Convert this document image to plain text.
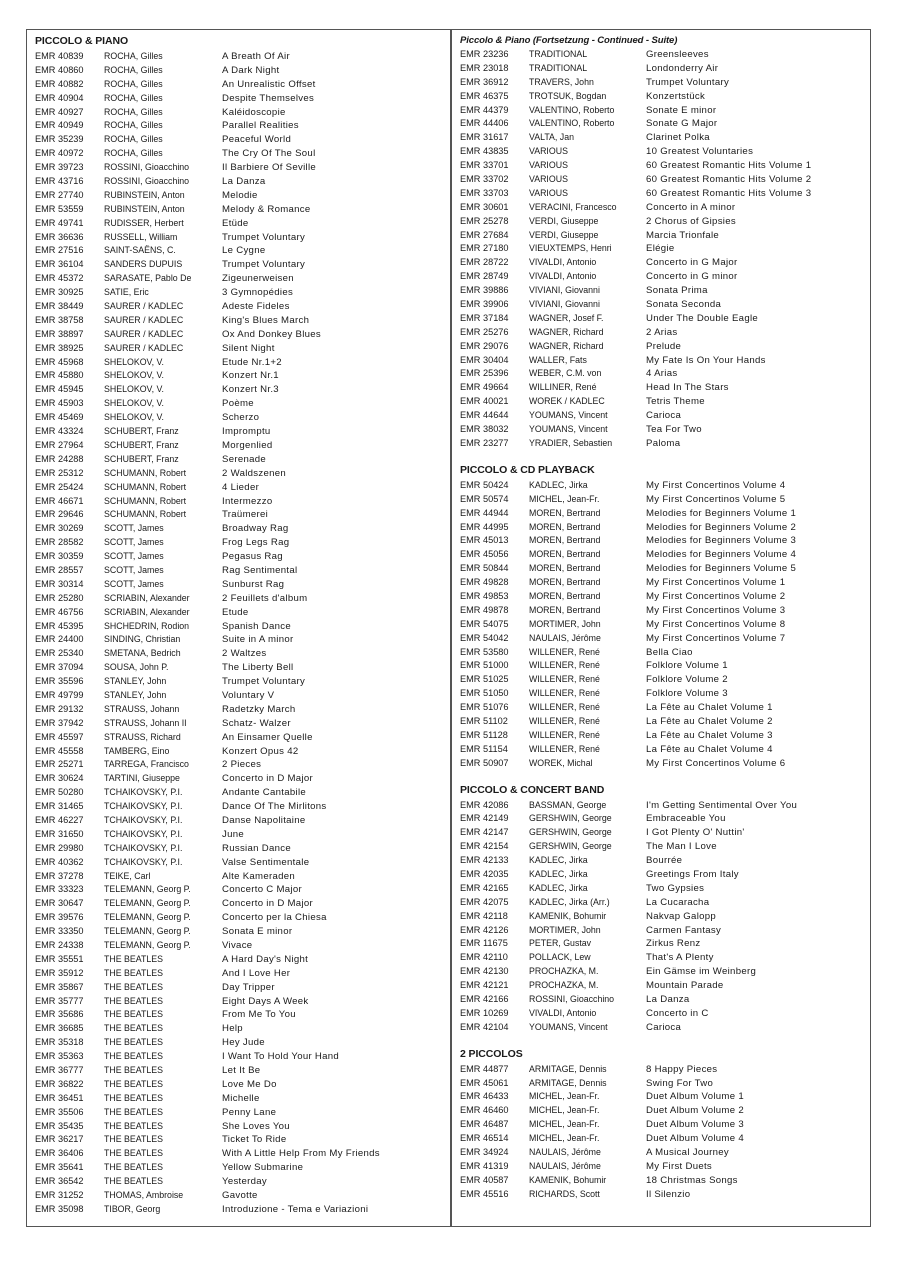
PICCOLO & PIANO
EMR 40839	ROCHA, Gilles	A Breath Of Air
EMR 40860	ROCHA, Gilles	A Dark Night
EMR 40882	ROCHA, Gilles	An Unrealistic Offset
EMR 40904	ROCHA, Gilles	Despite Themselves
EMR 40927	ROCHA, Gilles	Kaléidoscopie
EMR 40949	ROCHA, Gilles	Parallel Realities
EMR 35239	ROCHA, Gilles	Peaceful World
EMR 40972	ROCHA, Gilles	The Cry Of The Soul
EMR 39723	ROSSINI, Gioacchino	Il Barbiere Of Seville
EMR 43716	ROSSINI, Gioacchino	La Danza
EMR 27740	RUBINSTEIN, Anton	Melodie
EMR 53559	RUBINSTEIN, Anton	Melody & Romance
EMR 49741	RUDISSER, Herbert	Etüde
EMR 36636	RUSSELL, William	Trumpet Voluntary
EMR 27516	SAINT-SAËNS, C.	Le Cygne
EMR 36104	SANDERS DUPUIS	Trumpet Voluntary
EMR 45372	SARASATE, Pablo De	Zigeunerweisen
EMR 30925	SATIE, Eric	3 Gymnopédies
EMR 38449	SAURER / KADLEC	Adeste Fideles
EMR 38758	SAURER / KADLEC	King's Blues March
EMR 38897	SAURER / KADLEC	Ox And Donkey Blues
EMR 38925	SAURER / KADLEC	Silent Night
EMR 45968	SHELOKOV, V.	Etude Nr.1+2
EMR 45880	SHELOKOV, V.	Konzert Nr.1
EMR 45945	SHELOKOV, V.	Konzert Nr.3
EMR 45903	SHELOKOV, V.	Poème
EMR 45469	SHELOKOV, V.	Scherzo
EMR 43324	SCHUBERT, Franz	Impromptu
EMR 27964	SCHUBERT, Franz	Morgenlied
EMR 24288	SCHUBERT, Franz	Serenade
EMR 25312	SCHUMANN, Robert	2 Waldszenen
EMR 25424	SCHUMANN, Robert	4 Lieder
EMR 46671	SCHUMANN, Robert	Intermezzo
EMR 29646	SCHUMANN, Robert	Traümerei
EMR 30269	SCOTT, James	Broadway Rag
EMR 28582	SCOTT, James	Frog Legs Rag
EMR 30359	SCOTT, James	Pegasus Rag
EMR 28557	SCOTT, James	Rag Sentimental
EMR 30314	SCOTT, James	Sunburst Rag
EMR 25280	SCRIABIN, Alexander	2 Feuillets d'album
EMR 46756	SCRIABIN, Alexander	Etude
EMR 45395	SHCHEDRIN, Rodion	Spanish Dance
EMR 24400	SINDING, Christian	Suite in A minor
EMR 25340	SMETANA, Bedrich	2 Waltzes
EMR 37094	SOUSA, John P.	The Liberty Bell
EMR 35596	STANLEY, John	Trumpet Voluntary
EMR 49799	STANLEY, John	Voluntary V
EMR 29132	STRAUSS, Johann	Radetzky March
EMR 37942	STRAUSS, Johann II	Schatz- Walzer
EMR 45597	STRAUSS, Richard	An Einsamer Quelle
EMR 45558	TAMBERG, Eino	Konzert Opus 42
EMR 25271	TARREGA, Francisco	2 Pieces
EMR 30624	TARTINI, Giuseppe	Concerto in D Major
EMR 50280	TCHAIKOVSKY, P.I.	Andante Cantabile
EMR 31465	TCHAIKOVSKY, P.I.	Dance Of The Mirlitons
EMR 46227	TCHAIKOVSKY, P.I.	Danse Napolitaine
EMR 31650	TCHAIKOVSKY, P.I.	June
EMR 29980	TCHAIKOVSKY, P.I.	Russian Dance
EMR 40362	TCHAIKOVSKY, P.I.	Valse Sentimentale
EMR 37278	TEIKE, Carl	Alte Kameraden
EMR 33323	TELEMANN, Georg P.	Concerto C Major
EMR 30647	TELEMANN, Georg P.	Concerto in D Major
EMR 39576	TELEMANN, Georg P.	Concerto per la Chiesa
EMR 33350	TELEMANN, Georg P.	Sonata E minor
EMR 24338	TELEMANN, Georg P.	Vivace
EMR 35551	THE BEATLES	A Hard Day's Night
EMR 35912	THE BEATLES	And I Love Her
EMR 35867	THE BEATLES	Day Tripper
EMR 35777	THE BEATLES	Eight Days A Week
EMR 35686	THE BEATLES	From Me To You
EMR 36685	THE BEATLES	Help
EMR 35318	THE BEATLES	Hey Jude
EMR 35363	THE BEATLES	I Want To Hold Your Hand
EMR 36777	THE BEATLES	Let It Be
EMR 36822	THE BEATLES	Love Me Do
EMR 36451	THE BEATLES	Michelle
EMR 35506	THE BEATLES	Penny Lane
EMR 35435	THE BEATLES	She Loves You
EMR 36217	THE BEATLES	Ticket To Ride
EMR 36406	THE BEATLES	With A Little Help From My Friends
EMR 35641	THE BEATLES	Yellow Submarine
EMR 36542	THE BEATLES	Yesterday
EMR 31252	THOMAS, Ambroise	Gavotte
EMR 35098	TIBOR, Georg	Introduzione - Tema e Variazioni
Piccolo & Piano (Fortsetzung - Continued - Suite)
EMR 23236	TRADITIONAL	Greensleeves
EMR 23018	TRADITIONAL	Londonderry Air
EMR 36912	TRAVERS, John	Trumpet Voluntary
EMR 46375	TROTSUK, Bogdan	Konzertstück
EMR 44379	VALENTINO, Roberto	Sonate E minor
EMR 44406	VALENTINO, Roberto	Sonate G Major
EMR 31617	VALTA, Jan	Clarinet Polka
EMR 43835	VARIOUS	10 Greatest Voluntaries
EMR 33701	VARIOUS	60 Greatest Romantic Hits Volume 1
EMR 33702	VARIOUS	60 Greatest Romantic Hits Volume 2
EMR 33703	VARIOUS	60 Greatest Romantic Hits Volume 3
EMR 30601	VERACINI, Francesco	Concerto in A minor
EMR 25278	VERDI, Giuseppe	2 Chorus of Gipsies
EMR 27684	VERDI, Giuseppe	Marcia Trionfale
EMR 27180	VIEUXTEMPS, Henri	Elégie
EMR 28722	VIVALDI, Antonio	Concerto in G Major
EMR 28749	VIVALDI, Antonio	Concerto in G minor
EMR 39886	VIVIANI, Giovanni	Sonata Prima
EMR 39906	VIVIANI, Giovanni	Sonata Seconda
EMR 37184	WAGNER, Josef F.	Under The Double Eagle
EMR 25276	WAGNER, Richard	2 Arias
EMR 29076	WAGNER, Richard	Prelude
EMR 30404	WALLER, Fats	My Fate Is On Your Hands
EMR 25396	WEBER, C.M. von	4 Arias
EMR 49664	WILLINER, René	Head In The Stars
EMR 40021	WOREK / KADLEC	Tetris Theme
EMR 44644	YOUMANS, Vincent	Carioca
EMR 38032	YOUMANS, Vincent	Tea For Two
EMR 23277	YRADIER, Sebastien	Paloma
PICCOLO & CD PLAYBACK
EMR 50424	KADLEC, Jirka	My First Concertinos Volume 4
EMR 50574	MICHEL, Jean-Fr.	My First Concertinos Volume 5
EMR 44944	MOREN, Bertrand	Melodies for Beginners Volume 1
EMR 44995	MOREN, Bertrand	Melodies for Beginners Volume 2
EMR 45013	MOREN, Bertrand	Melodies for Beginners Volume 3
EMR 45056	MOREN, Bertrand	Melodies for Beginners Volume 4
EMR 50844	MOREN, Bertrand	Melodies for Beginners Volume 5
EMR 49828	MOREN, Bertrand	My First Concertinos Volume 1
EMR 49853	MOREN, Bertrand	My First Concertinos Volume 2
EMR 49878	MOREN, Bertrand	My First Concertinos Volume 3
EMR 54075	MORTIMER, John	My First Concertinos Volume 8
EMR 54042	NAULAIS, Jérôme	My First Concertinos Volume 7
EMR 53580	WILLENER, René	Bella Ciao
EMR 51000	WILLENER, René	Folklore Volume 1
EMR 51025	WILLENER, René	Folklore Volume 2
EMR 51050	WILLENER, René	Folklore Volume 3
EMR 51076	WILLENER, René	La Fête au Chalet Volume 1
EMR 51102	WILLENER, René	La Fête au Chalet Volume 2
EMR 51128	WILLENER, René	La Fête au Chalet Volume 3
EMR 51154	WILLENER, René	La Fête au Chalet Volume 4
EMR 50907	WOREK, Michal	My First Concertinos Volume 6
PICCOLO & CONCERT BAND
EMR 42086	BASSMAN, George	I'm Getting Sentimental Over You
EMR 42149	GERSHWIN, George	Embraceable You
EMR 42147	GERSHWIN, George	I Got Plenty O' Nuttin'
EMR 42154	GERSHWIN, George	The Man I Love
EMR 42133	KADLEC, Jirka	Bourrée
EMR 42035	KADLEC, Jirka	Greetings From Italy
EMR 42165	KADLEC, Jirka	Two Gypsies
EMR 42075	KADLEC, Jirka (Arr.)	La Cucaracha
EMR 42118	KAMENIK, Bohumir	Nakvap Galopp
EMR 42126	MORTIMER, John	Carmen Fantasy
EMR 11675	PETER, Gustav	Zirkus Renz
EMR 42110	POLLACK, Lew	That's A Plenty
EMR 42130	PROCHAZKA, M.	Ein Gämse im Weinberg
EMR 42121	PROCHAZKA, M.	Mountain Parade
EMR 42166	ROSSINI, Gioacchino	La Danza
EMR 10269	VIVALDI, Antonio	Concerto in C
EMR 42104	YOUMANS, Vincent	Carioca
2 PICCOLOS
EMR 44877	ARMITAGE, Dennis	8 Happy Pieces
EMR 45061	ARMITAGE, Dennis	Swing For Two
EMR 46433	MICHEL, Jean-Fr.	Duet Album Volume 1
EMR 46460	MICHEL, Jean-Fr.	Duet Album Volume 2
EMR 46487	MICHEL, Jean-Fr.	Duet Album Volume 3
EMR 46514	MICHEL, Jean-Fr.	Duet Album Volume 4
EMR 34924	NAULAIS, Jérôme	A Musical Journey
EMR 41319	NAULAIS, Jérôme	My First Duets
EMR 40587	KAMENIK, Bohumir	18 Christmas Songs
EMR 45516	RICHARDS, Scott	Il Silenzio
